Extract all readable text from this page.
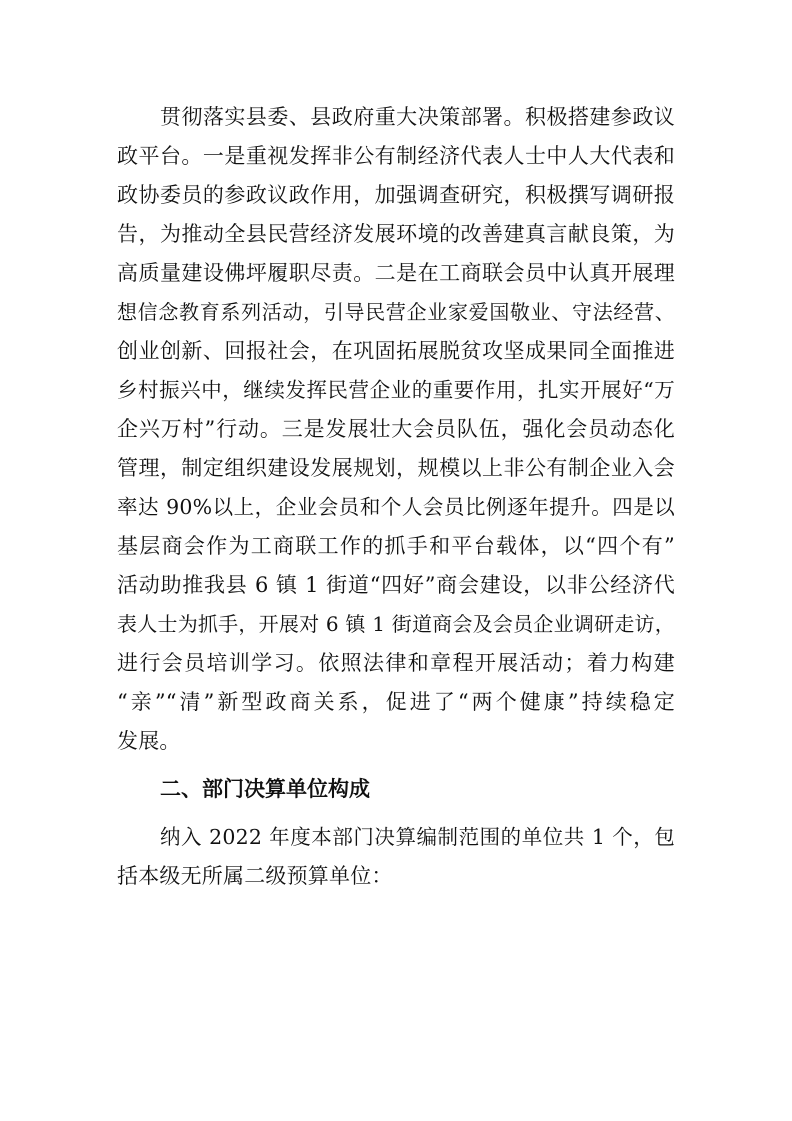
贯彻落实县委、县政府重大决策部署。积极搭建参政议
政平台。一是重视发挥非公有制经济代表人士中人大代表和
政协委员的参政议政作用，加强调查研究，积极撰写调研报
告，为推动全县民营经济发展环境的改善建真言献良策，为
高质量建设佛坪履职尽责。二是在工商联会员中认真开展理
想信念教育系列活动，引导民营企业家爱国敬业、守法经营、
创业创新、回报社会，在巩固拓展脱贫攻坚成果同全面推进
乡村振兴中，继续发挥民营企业的重要作用，扎实开展好“万
企兴万村”行动。三是发展壮大会员队伍，强化会员动态化
管理，制定组织建设发展规划，规模以上非公有制企业入会
率达 90%以上，企业会员和个人会员比例逐年提升。四是以
基层商会作为工商联工作的抓手和平台载体，以“四个有”
活动助推我县 6 镇 1 街道“四好”商会建设，以非公经济代
表人士为抓手，开展对 6 镇 1 街道商会及会员企业调研走访，
进行会员培训学习。依照法律和章程开展活动；着力构建
“亲”“清”新型政商关系，促进了“两个健康”持续稳定
发展。
二、部门决算单位构成
纳入 2022 年度本部门决算编制范围的单位共 1 个，包
括本级无所属二级预算单位：
